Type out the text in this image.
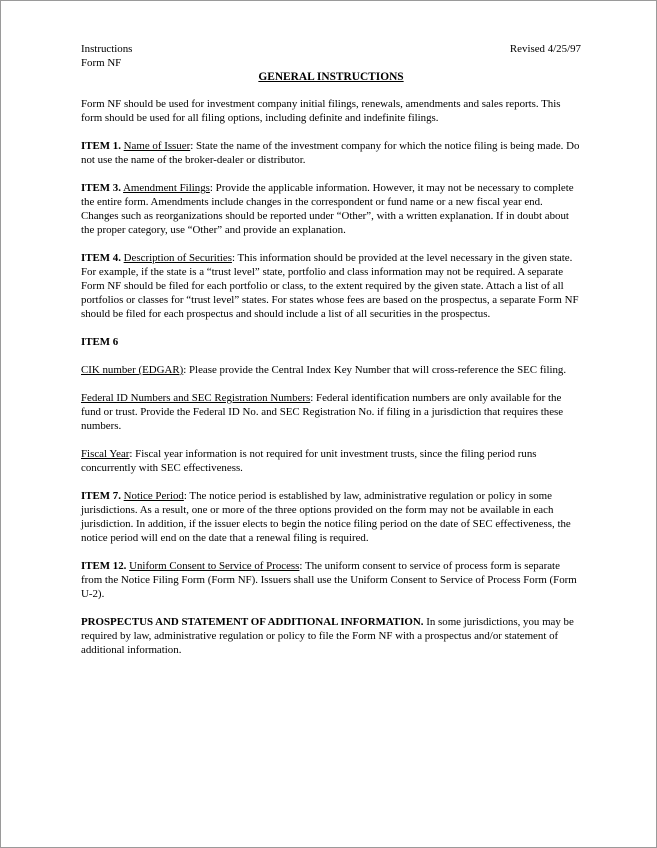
Instructions
Form NF
Revised 4/25/97

GENERAL INSTRUCTIONS

Form NF should be used for investment company initial filings, renewals, amendments and sales reports. This form should be used for all filing options, including definite and indefinite filings.

ITEM 1. Name of Issuer: State the name of the investment company for which the notice filing is being made. Do not use the name of the broker-dealer or distributor.

ITEM 3. Amendment Filings: Provide the applicable information. However, it may not be necessary to complete the entire form. Amendments include changes in the correspondent or fund name or a new fiscal year end. Changes such as reorganizations should be reported under “Other”, with a written explanation. If in doubt about the proper category, use “Other” and provide an explanation.

ITEM 4. Description of Securities: This information should be provided at the level necessary in the given state. For example, if the state is a “trust level” state, portfolio and class information may not be required. A separate Form NF should be filed for each portfolio or class, to the extent required by the given state. Attach a list of all portfolios or classes for “trust level” states. For states whose fees are based on the prospectus, a separate Form NF should be filed for each prospectus and should include a list of all securities in the prospectus.

ITEM 6

CIK number (EDGAR): Please provide the Central Index Key Number that will cross-reference the SEC filing.

Federal ID Numbers and SEC Registration Numbers: Federal identification numbers are only available for the fund or trust. Provide the Federal ID No. and SEC Registration No. if filing in a jurisdiction that requires these numbers.

Fiscal Year: Fiscal year information is not required for unit investment trusts, since the filing period runs concurrently with SEC effectiveness.

ITEM 7. Notice Period: The notice period is established by law, administrative regulation or policy in some jurisdictions. As a result, one or more of the three options provided on the form may not be available in each jurisdiction. In addition, if the issuer elects to begin the notice filing period on the date of SEC effectiveness, the notice period will end on the date that a renewal filing is required.

ITEM 12. Uniform Consent to Service of Process: The uniform consent to service of process form is separate from the Notice Filing Form (Form NF). Issuers shall use the Uniform Consent to Service of Process Form (Form U-2).

PROSPECTUS AND STATEMENT OF ADDITIONAL INFORMATION. In some jurisdictions, you may be required by law, administrative regulation or policy to file the Form NF with a prospectus and/or statement of additional information.
